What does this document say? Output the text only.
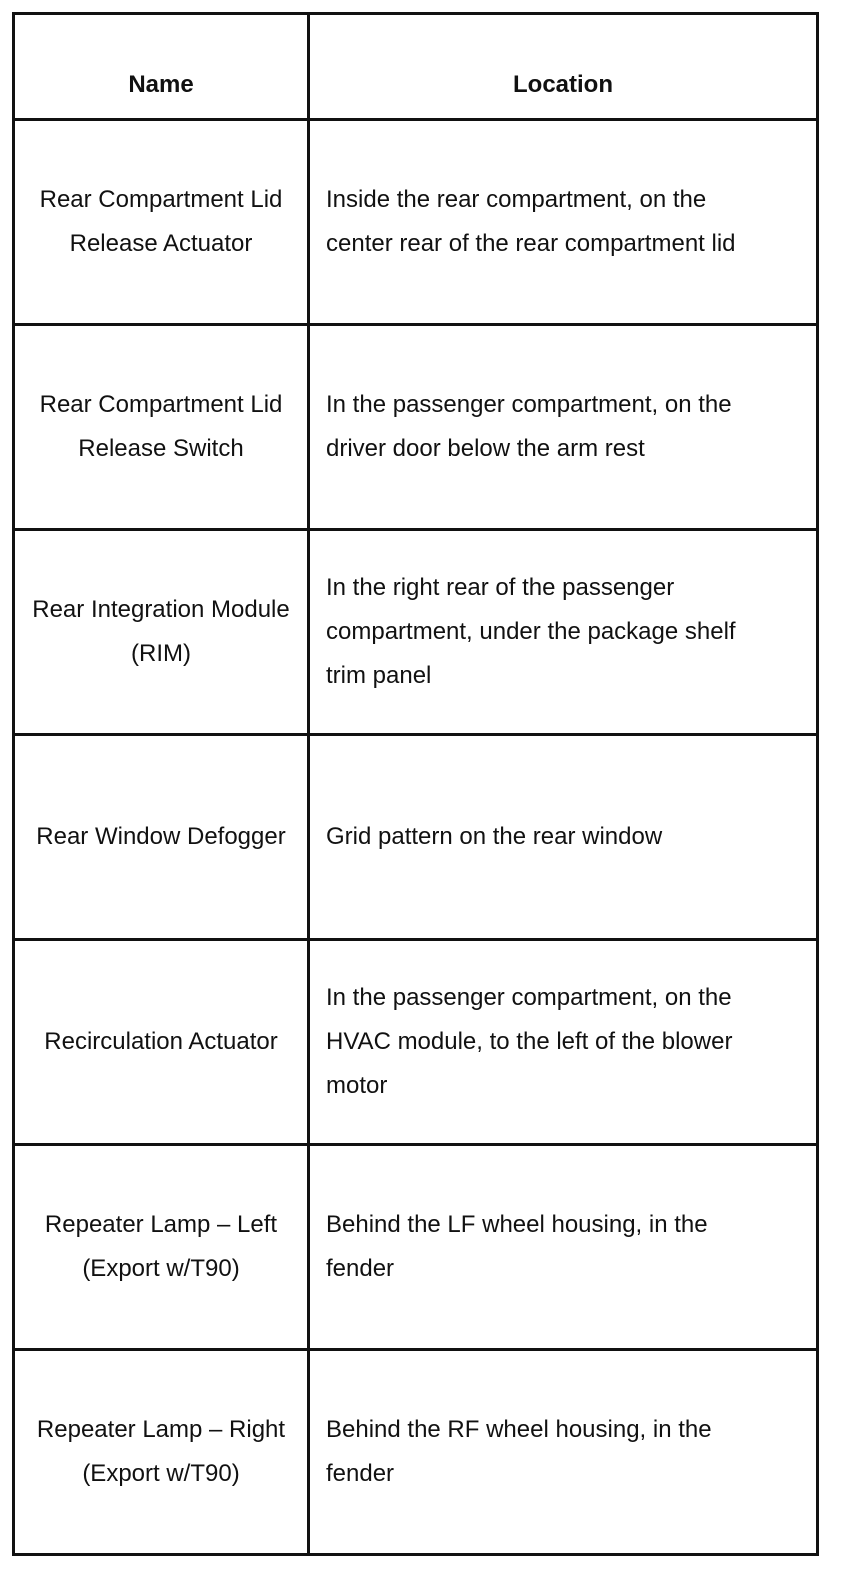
Name	Location
Rear Compartment Lid Release Actuator	Inside the rear compartment, on the center rear of the rear compartment lid
Rear Compartment Lid Release Switch	In the passenger compartment, on the driver door below the arm rest
Rear Integration Module (RIM)	In the right rear of the passenger compartment, under the package shelf trim panel
Rear Window Defogger	Grid pattern on the rear window
Recirculation Actuator	In the passenger compartment, on the HVAC module, to the left of the blower motor
Repeater Lamp – Left (Export w/T90)	Behind the LF wheel housing, in the fender
Repeater Lamp – Right (Export w/T90)	Behind the RF wheel housing, in the fender
